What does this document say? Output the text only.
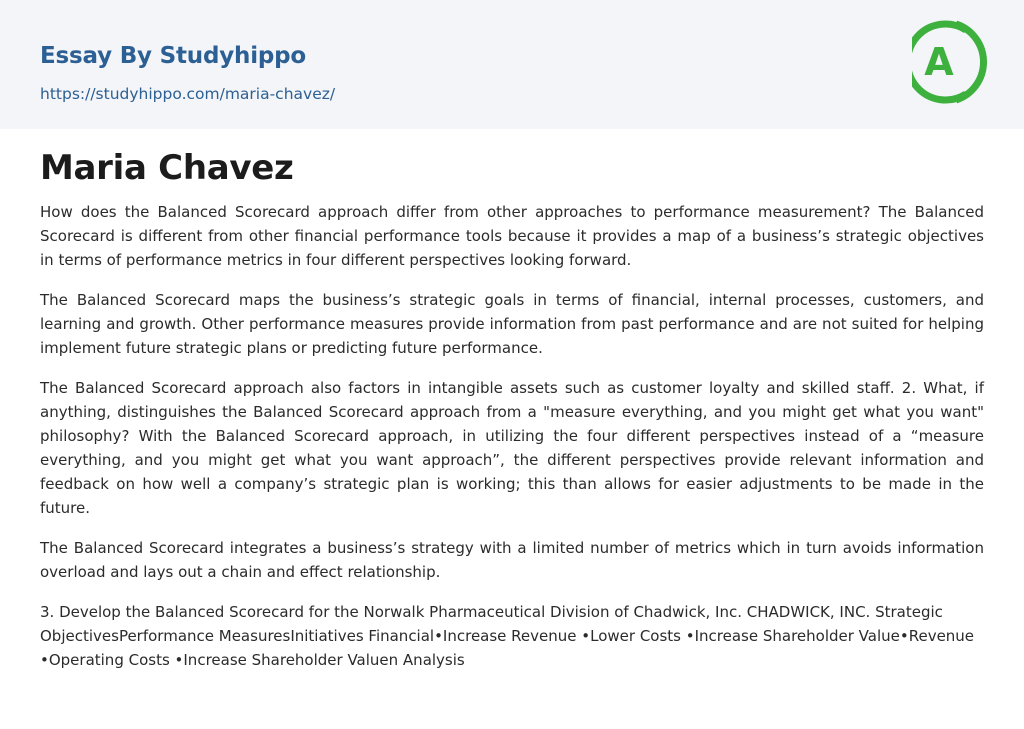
Essay By Studyhippo
https://studyhippo.com/maria-chavez/
A
Maria Chavez

How does the Balanced Scorecard approach differ from other approaches to performance measurement? The Balanced Scorecard is different from other financial performance tools because it provides a map of a business’s strategic objectives in terms of performance metrics in four different perspectives looking forward.

The Balanced Scorecard maps the business’s strategic goals in terms of financial, internal processes, customers, and learning and growth. Other performance measures provide information from past performance and are not suited for helping implement future strategic plans or predicting future performance.

The Balanced Scorecard approach also factors in intangible assets such as customer loyalty and skilled staff. 2. What, if anything, distinguishes the Balanced Scorecard approach from a "measure everything, and you might get what you want" philosophy? With the Balanced Scorecard approach, in utilizing the four different perspectives instead of a “measure everything, and you might get what you want approach”, the different perspectives provide relevant information and feedback on how well a company’s strategic plan is working; this than allows for easier adjustments to be made in the future.

The Balanced Scorecard integrates a business’s strategy with a limited number of metrics which in turn avoids information overload and lays out a chain and effect relationship.

3. Develop the Balanced Scorecard for the Norwalk Pharmaceutical Division of Chadwick, Inc. CHADWICK, INC. Strategic ObjectivesPerformance MeasuresInitiatives Financial•Increase Revenue •Lower Costs •Increase Shareholder Value•Revenue •Operating Costs •Increase Shareholder Valuen Analysis
